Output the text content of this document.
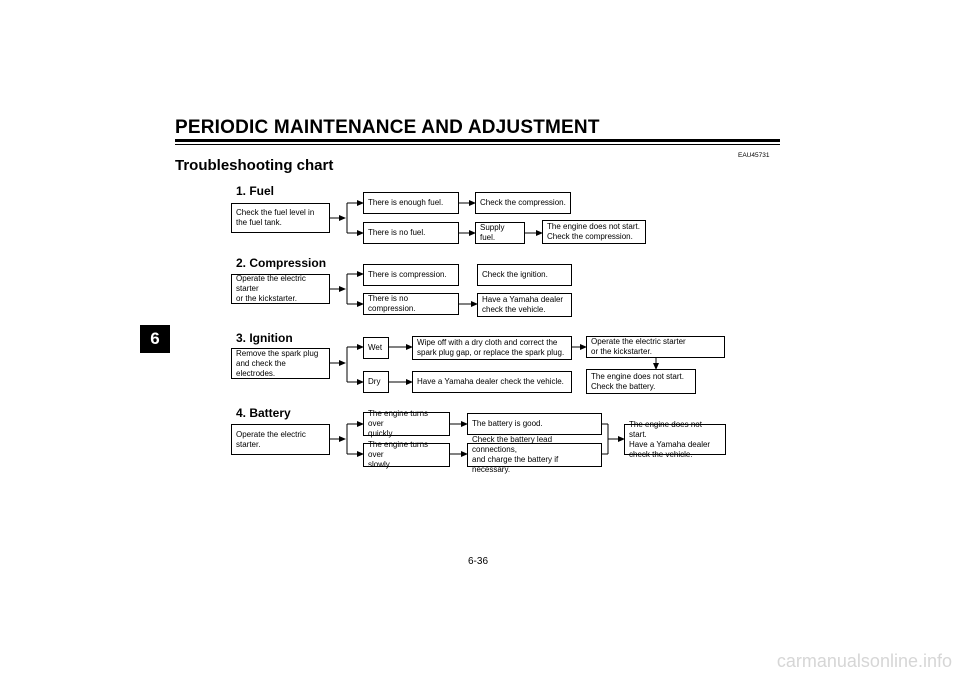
PERIODIC MAINTENANCE AND ADJUSTMENT
6
EAU45731
Troubleshooting chart
1. Fuel
Check the fuel level in
the fuel tank.
There is enough fuel.	Check the compression.
There is no fuel.
Supply fuel.
The engine does not start.
Check the compression.
2. Compression
Operate the electric starter
or the kickstarter.
There is compression.	Check the ignition.
There is no compression.
Have a Yamaha dealer
check the vehicle.
3. Ignition
Remove the spark plug
and check the electrodes.
Wet
Wipe off with a dry cloth and correct the
spark plug gap, or replace the spark plug.
Operate the electric starter
or the kickstarter.
Dry	Have a Yamaha dealer check the vehicle.
The engine does not start.
Check the battery.
4. Battery
Operate the electric starter.
The engine turns over
quickly.
The battery is good.
The engine turns over
slowly.
Check the battery lead connections,
and charge the battery if necessary.
The engine does not start.
Have a Yamaha dealer
check the vehicle.
6-36
carmanualsonline.info
